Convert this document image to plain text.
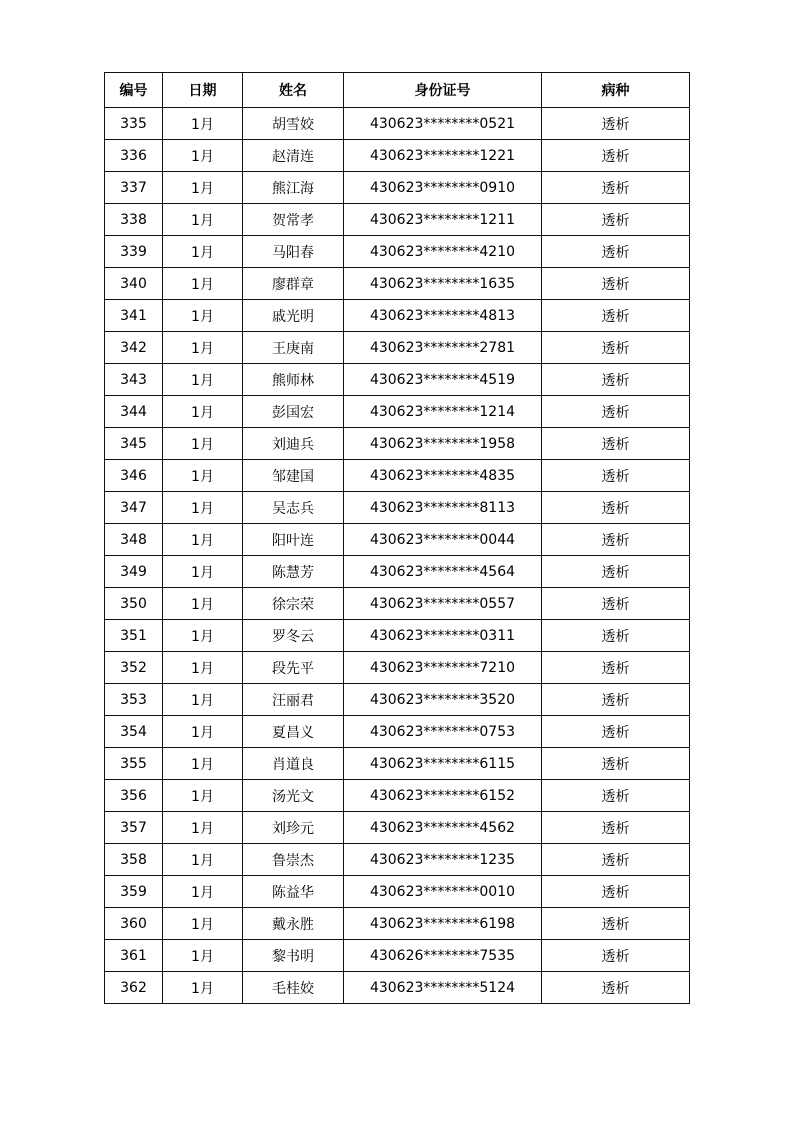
编号	日期	姓名	身份证号	病种
335	1月	胡雪姣	430623********0521	透析
336	1月	赵清连	430623********1221	透析
337	1月	熊江海	430623********0910	透析
338	1月	贺常孝	430623********1211	透析
339	1月	马阳春	430623********4210	透析
340	1月	廖群章	430623********1635	透析
341	1月	戚光明	430623********4813	透析
342	1月	王庚南	430623********2781	透析
343	1月	熊师林	430623********4519	透析
344	1月	彭国宏	430623********1214	透析
345	1月	刘迪兵	430623********1958	透析
346	1月	邹建国	430623********4835	透析
347	1月	吴志兵	430623********8113	透析
348	1月	阳叶连	430623********0044	透析
349	1月	陈慧芳	430623********4564	透析
350	1月	徐宗荣	430623********0557	透析
351	1月	罗冬云	430623********0311	透析
352	1月	段先平	430623********7210	透析
353	1月	汪丽君	430623********3520	透析
354	1月	夏昌义	430623********0753	透析
355	1月	肖道良	430623********6115	透析
356	1月	汤光文	430623********6152	透析
357	1月	刘珍元	430623********4562	透析
358	1月	鲁崇杰	430623********1235	透析
359	1月	陈益华	430623********0010	透析
360	1月	戴永胜	430623********6198	透析
361	1月	黎书明	430626********7535	透析
362	1月	毛桂姣	430623********5124	透析
